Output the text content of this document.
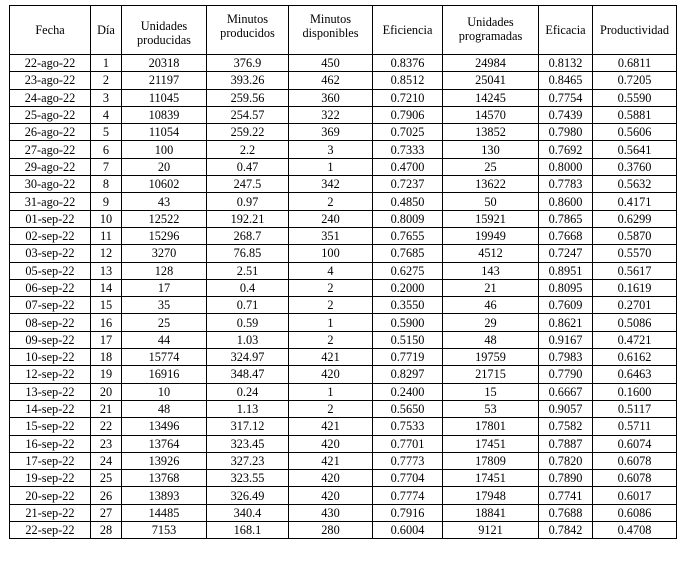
Fecha	Día	Unidades producidas	Minutos producidos	Minutos disponibles	Eficiencia	Unidades programadas	Eficacia	Productividad
22-ago-22	1	20318	376.9	450	0.8376	24984	0.8132	0.6811
23-ago-22	2	21197	393.26	462	0.8512	25041	0.8465	0.7205
24-ago-22	3	11045	259.56	360	0.7210	14245	0.7754	0.5590
25-ago-22	4	10839	254.57	322	0.7906	14570	0.7439	0.5881
26-ago-22	5	11054	259.22	369	0.7025	13852	0.7980	0.5606
27-ago-22	6	100	2.2	3	0.7333	130	0.7692	0.5641
29-ago-22	7	20	0.47	1	0.4700	25	0.8000	0.3760
30-ago-22	8	10602	247.5	342	0.7237	13622	0.7783	0.5632
31-ago-22	9	43	0.97	2	0.4850	50	0.8600	0.4171
01-sep-22	10	12522	192.21	240	0.8009	15921	0.7865	0.6299
02-sep-22	11	15296	268.7	351	0.7655	19949	0.7668	0.5870
03-sep-22	12	3270	76.85	100	0.7685	4512	0.7247	0.5570
05-sep-22	13	128	2.51	4	0.6275	143	0.8951	0.5617
06-sep-22	14	17	0.4	2	0.2000	21	0.8095	0.1619
07-sep-22	15	35	0.71	2	0.3550	46	0.7609	0.2701
08-sep-22	16	25	0.59	1	0.5900	29	0.8621	0.5086
09-sep-22	17	44	1.03	2	0.5150	48	0.9167	0.4721
10-sep-22	18	15774	324.97	421	0.7719	19759	0.7983	0.6162
12-sep-22	19	16916	348.47	420	0.8297	21715	0.7790	0.6463
13-sep-22	20	10	0.24	1	0.2400	15	0.6667	0.1600
14-sep-22	21	48	1.13	2	0.5650	53	0.9057	0.5117
15-sep-22	22	13496	317.12	421	0.7533	17801	0.7582	0.5711
16-sep-22	23	13764	323.45	420	0.7701	17451	0.7887	0.6074
17-sep-22	24	13926	327.23	421	0.7773	17809	0.7820	0.6078
19-sep-22	25	13768	323.55	420	0.7704	17451	0.7890	0.6078
20-sep-22	26	13893	326.49	420	0.7774	17948	0.7741	0.6017
21-sep-22	27	14485	340.4	430	0.7916	18841	0.7688	0.6086
22-sep-22	28	7153	168.1	280	0.6004	9121	0.7842	0.4708
